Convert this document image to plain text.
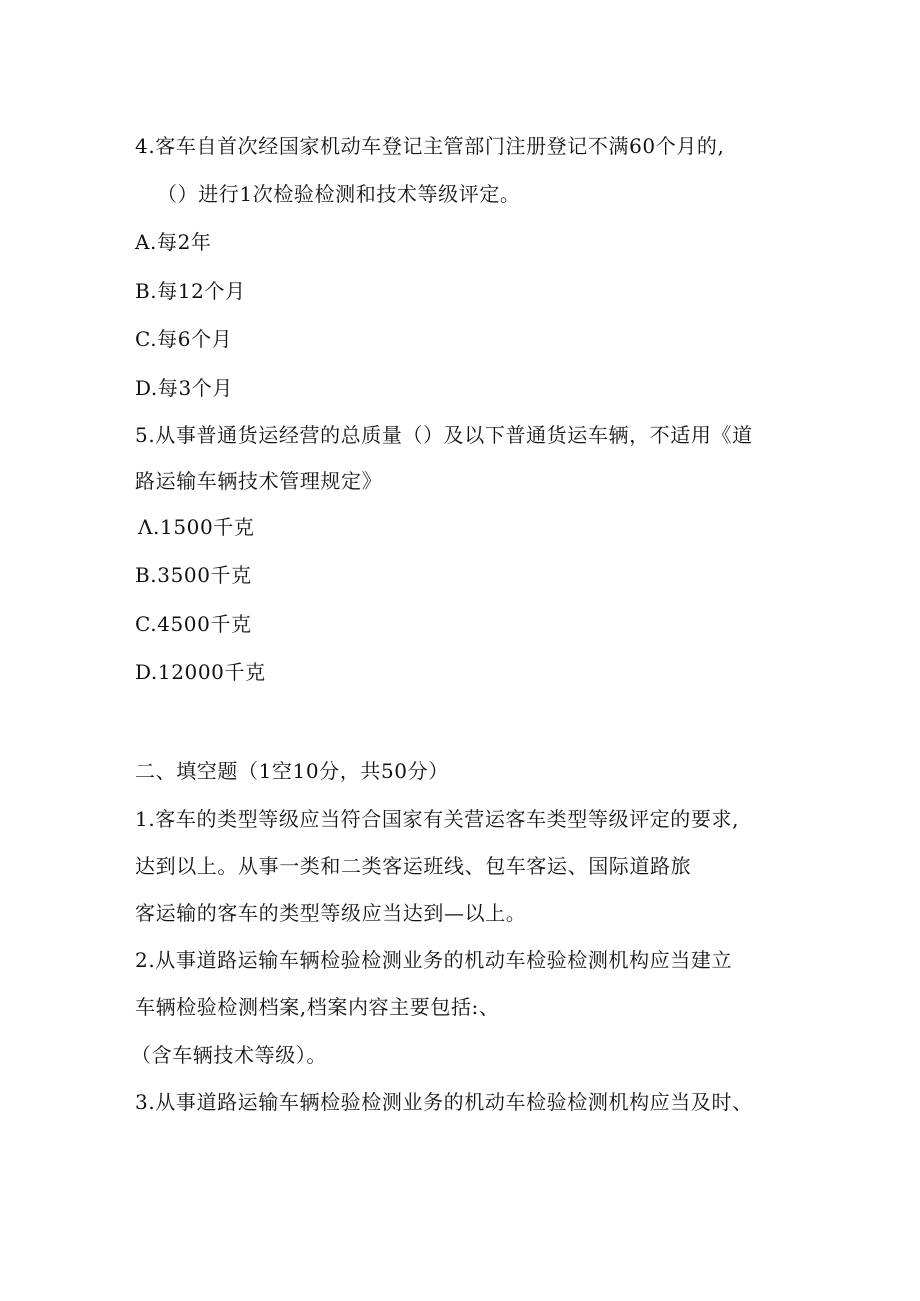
4.客车自首次经国家机动车登记主管部门注册登记不满60个月的,
（）进行1次检验检测和技术等级评定。
A.每2年
B.每12个月
C.每6个月
D.每3个月
5.从事普通货运经营的总质量（）及以下普通货运车辆，不适用《道
路运输车辆技术管理规定》
Λ.1500千克
B.3500千克
C.4500千克
D.12000千克
二、填空题（1空10分，共50分）
1.客车的类型等级应当符合国家有关营运客车类型等级评定的要求,
达到以上。从事一类和二类客运班线、包车客运、国际道路旅
客运输的客车的类型等级应当达到—以上。
2.从事道路运输车辆检验检测业务的机动车检验检测机构应当建立
车辆检验检测档案,档案内容主要包括:、
（含车辆技术等级）。
3.从事道路运输车辆检验检测业务的机动车检验检测机构应当及时、
